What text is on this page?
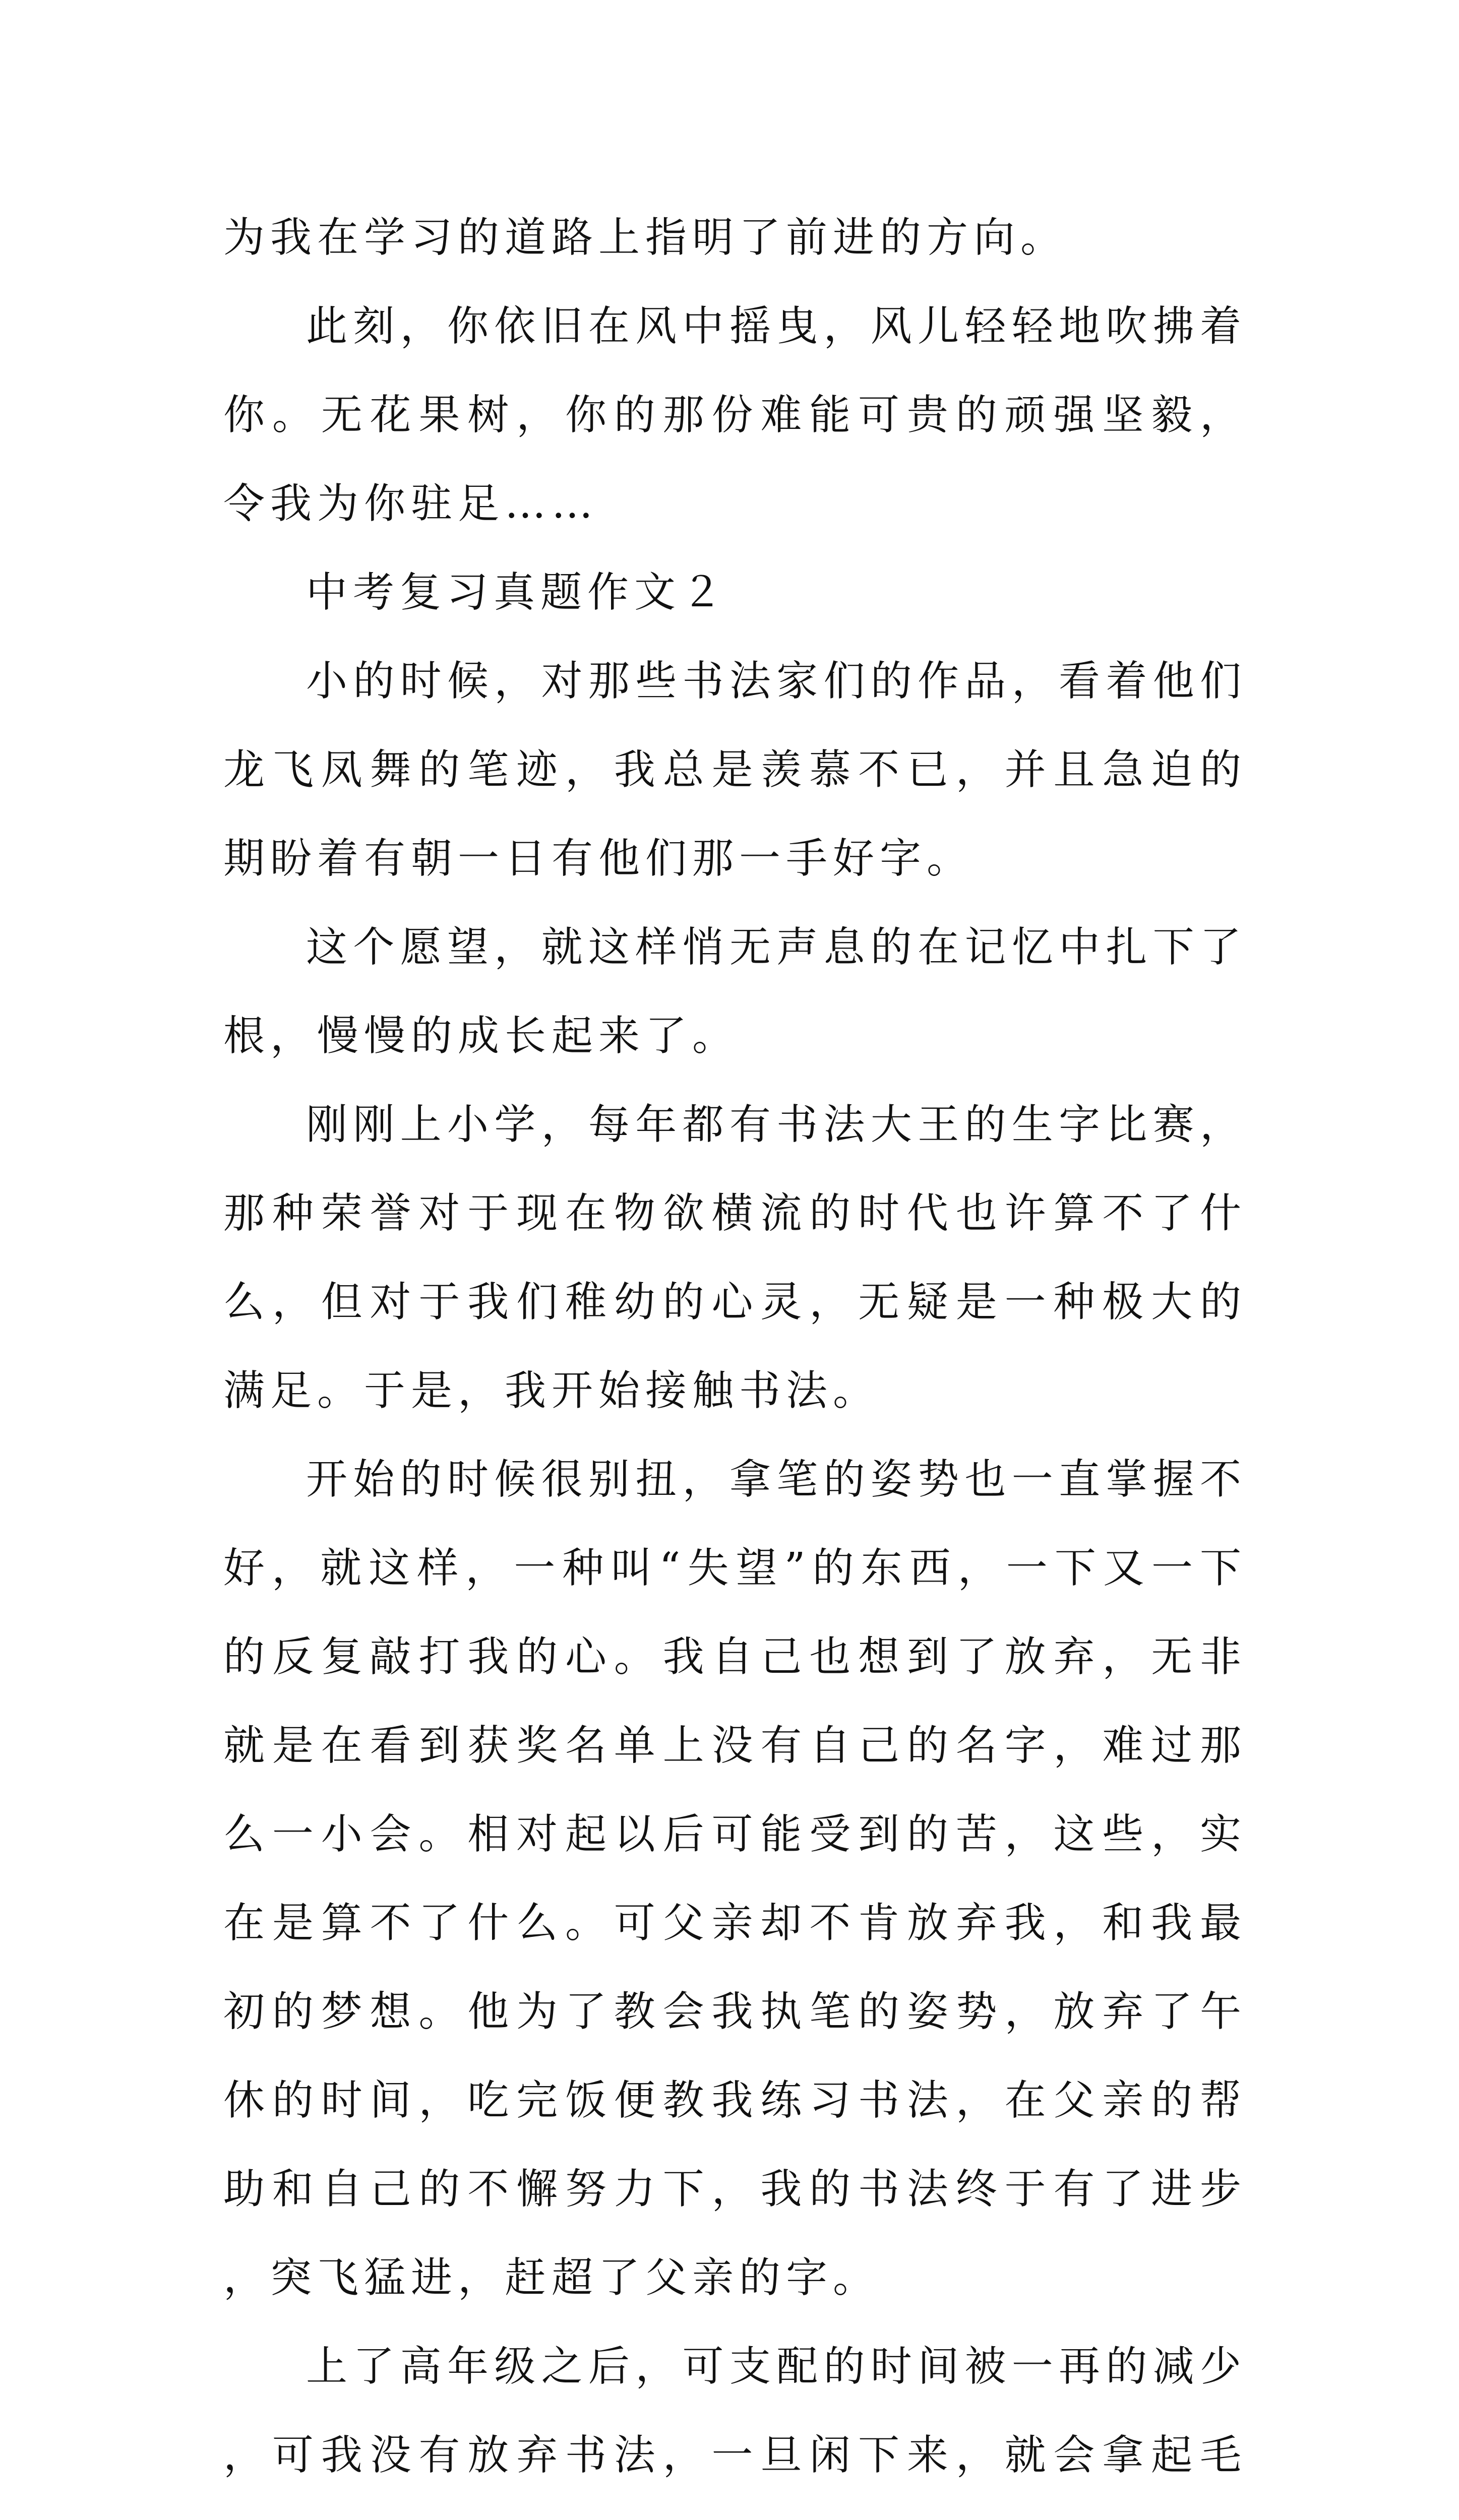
为我在学习的道路上指明了前进的方向。

此刻，你依旧在风中摇曳，风儿轻轻地吹拂着你。无花果树，你的那份难能可贵的顽强坚毅，令我为你驻足……

中考复习真题作文２

小的时候，对那些书法家们的作品，看着他们龙飞凤舞的笔迹，我总是羡慕不已，并且急迫的期盼着有朝一日有他们那一手好字。

这个愿望，就这样悄无声息的在记忆中扎下了根，慢慢的成长起来了。

刚刚上小学，每年都有书法大王的生字比赛，那种荣誉对于现在物欲横流的时代也许算不了什么，但对于我们稚幼的心灵，无疑是一种极大的满足。于是，我开始接触书法。

开始的时候很别扭，拿笔的姿势也一直掌握不好，就这样，一种叫“失望”的东西，一下又一下的反复敲打我的心。我自己也想到了放弃，无非就是在看到获奖名单上没有自己的名字，难过那么一小会。相对起以后可能受到的苦，这些，实在是算不了什么。可父亲却不肯放弃我，和我最初的梦想。他为了教会我执笔的姿势，放弃了午休的时间，吃完饭便教我练习书法，在父亲的帮助和自己的不懈努力下，我的书法终于有了进步，突飞猛进，赶超了父亲的字。

上了高年级之后，可支配的时间被一再的减少，可我没有放弃书法，一旦闲下来，就会拿起毛
